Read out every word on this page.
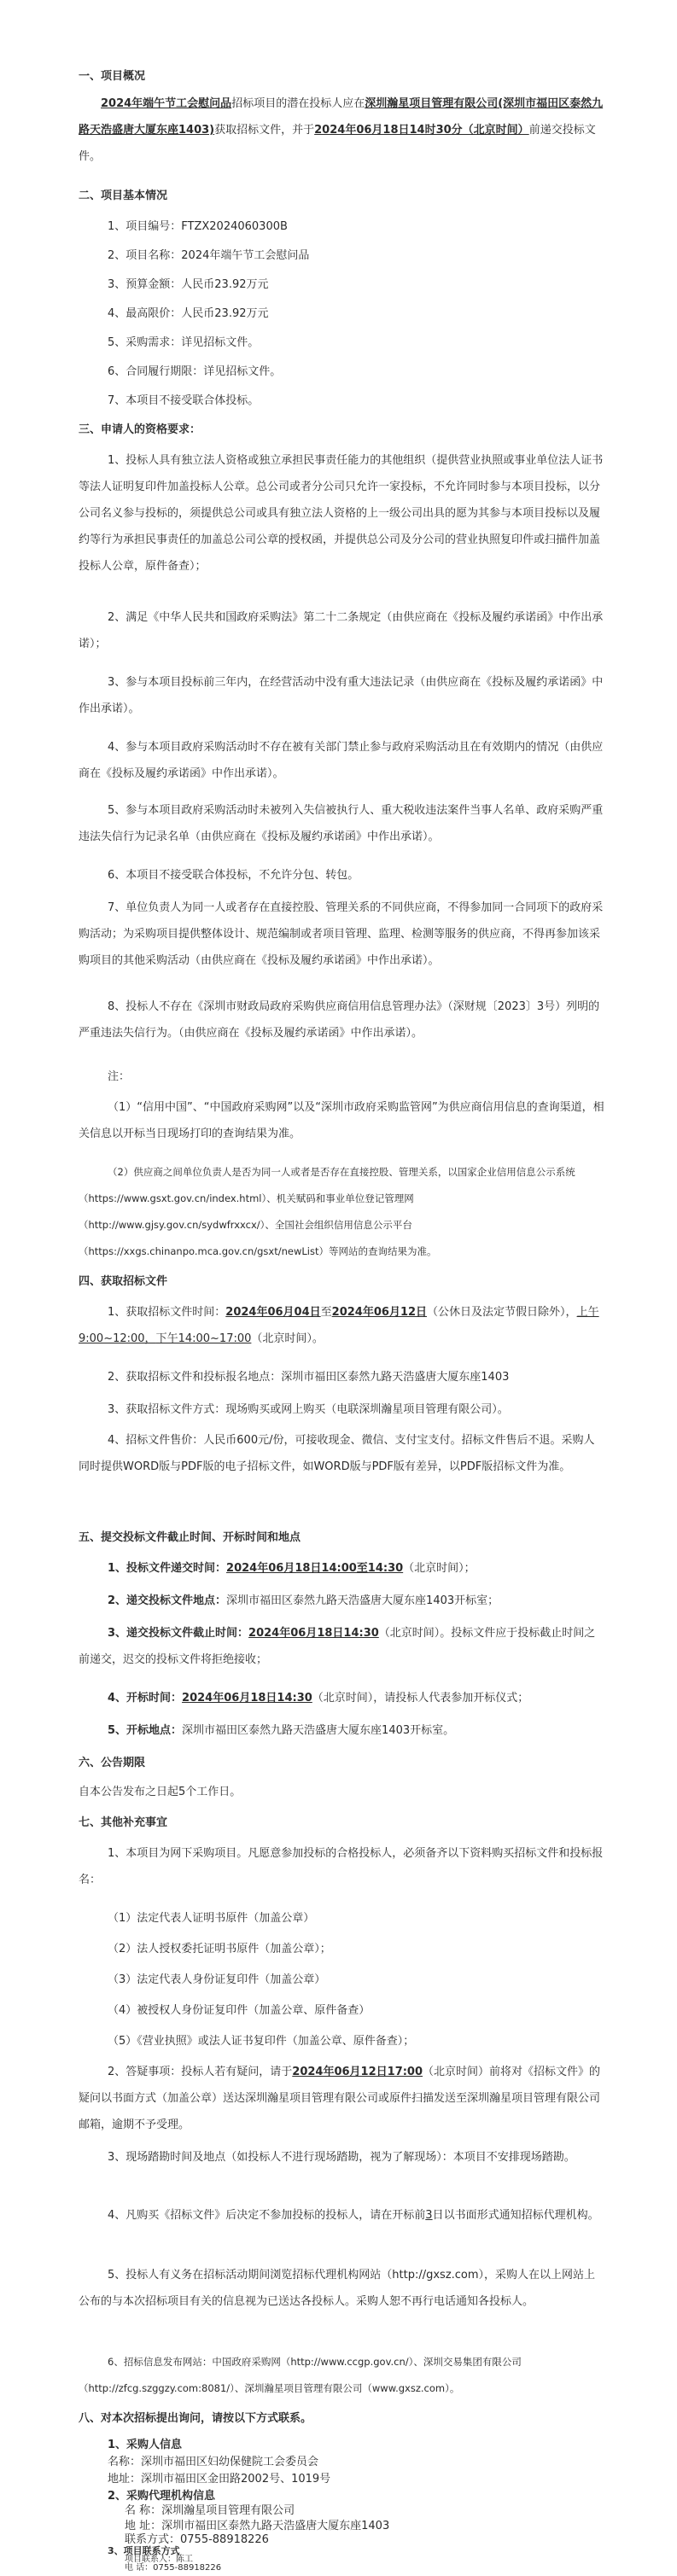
一、项目概况

2024年端午节工会慰问品招标项目的潜在投标人应在深圳瀚星项目管理有限公司(深圳市福田区泰然九路天浩盛唐大厦东座1403)获取招标文件，并于2024年06月18日14时30分（北京时间）前递交投标文件。

二、项目基本情况

1、项目编号：FTZX2024060300B

2、项目名称：2024年端午节工会慰问品

3、预算金额：人民币23.92万元

4、最高限价：人民币23.92万元

5、采购需求：详见招标文件。

6、合同履行期限：详见招标文件。

7、本项目不接受联合体投标。

三、申请人的资格要求：

1、投标人具有独立法人资格或独立承担民事责任能力的其他组织（提供营业执照或事业单位法人证书等法人证明复印件加盖投标人公章。总公司或者分公司只允许一家投标，不允许同时参与本项目投标，以分公司名义参与投标的，须提供总公司或具有独立法人资格的上一级公司出具的愿为其参与本项目投标以及履约等行为承担民事责任的加盖总公司公章的授权函，并提供总公司及分公司的营业执照复印件或扫描件加盖投标人公章，原件备查）；

2、满足《中华人民共和国政府采购法》第二十二条规定（由供应商在《投标及履约承诺函》中作出承诺）；

3、参与本项目投标前三年内，在经营活动中没有重大违法记录（由供应商在《投标及履约承诺函》中作出承诺）。

4、参与本项目政府采购活动时不存在被有关部门禁止参与政府采购活动且在有效期内的情况（由供应商在《投标及履约承诺函》中作出承诺）。

5、参与本项目政府采购活动时未被列入失信被执行人、重大税收违法案件当事人名单、政府采购严重违法失信行为记录名单（由供应商在《投标及履约承诺函》中作出承诺）。

6、本项目不接受联合体投标，不允许分包、转包。

7、单位负责人为同一人或者存在直接控股、管理关系的不同供应商，不得参加同一合同项下的政府采购活动；为采购项目提供整体设计、规范编制或者项目管理、监理、检测等服务的供应商，不得再参加该采购项目的其他采购活动（由供应商在《投标及履约承诺函》中作出承诺）。

8、投标人不存在《深圳市财政局政府采购供应商信用信息管理办法》（深财规〔2023〕3号）列明的严重违法失信行为。（由供应商在《投标及履约承诺函》中作出承诺）。

注：

（1）“信用中国”、“中国政府采购网”以及“深圳市政府采购监管网”为供应商信用信息的查询渠道，相关信息以开标当日现场打印的查询结果为准。

（2）供应商之间单位负责人是否为同一人或者是否存在直接控股、管理关系，以国家企业信用信息公示系统（https://www.gsxt.gov.cn/index.html）、机关赋码和事业单位登记管理网（http://www.gjsy.gov.cn/sydwfrxxcx/）、全国社会组织信用信息公示平台（https://xxgs.chinanpo.mca.gov.cn/gsxt/newList）等网站的查询结果为准。

四、获取招标文件

1、获取招标文件时间：2024年06月04日至2024年06月12日（公休日及法定节假日除外），上午9:00~12:00，下午14:00~17:00（北京时间）。

2、获取招标文件和投标报名地点：深圳市福田区泰然九路天浩盛唐大厦东座1403

3、获取招标文件方式：现场购买或网上购买（电联深圳瀚星项目管理有限公司）。

4、招标文件售价：人民币600元/份，可接收现金、微信、支付宝支付。招标文件售后不退。采购人同时提供WORD版与PDF版的电子招标文件，如WORD版与PDF版有差异，以PDF版招标文件为准。

五、提交投标文件截止时间、开标时间和地点

1、投标文件递交时间：2024年06月18日14:00至14:30（北京时间）；

2、递交投标文件地点：深圳市福田区泰然九路天浩盛唐大厦东座1403开标室；

3、递交投标文件截止时间：2024年06月18日14:30（北京时间）。投标文件应于投标截止时间之前递交，迟交的投标文件将拒绝接收；

4、开标时间：2024年06月18日14:30（北京时间），请投标人代表参加开标仪式；

5、开标地点：深圳市福田区泰然九路天浩盛唐大厦东座1403开标室。

六、公告期限

自本公告发布之日起5个工作日。

七、其他补充事宜

1、本项目为网下采购项目。凡愿意参加投标的合格投标人，必须备齐以下资料购买招标文件和投标报名：

（1）法定代表人证明书原件（加盖公章）

（2）法人授权委托证明书原件（加盖公章）；

（3）法定代表人身份证复印件（加盖公章）

（4）被授权人身份证复印件（加盖公章、原件备查）

（5）《营业执照》或法人证书复印件（加盖公章、原件备查）；

2、答疑事项：投标人若有疑问，请于2024年06月12日17:00（北京时间）前将对《招标文件》的疑问以书面方式（加盖公章）送达深圳瀚星项目管理有限公司或原件扫描发送至深圳瀚星项目管理有限公司邮箱，逾期不予受理。

3、现场踏勘时间及地点（如投标人不进行现场踏勘，视为了解现场）：本项目不安排现场踏勘。

4、凡购买《招标文件》后决定不参加投标的投标人，请在开标前3日以书面形式通知招标代理机构。

5、投标人有义务在招标活动期间浏览招标代理机构网站（http://gxsz.com），采购人在以上网站上公布的与本次招标项目有关的信息视为已送达各投标人。采购人恕不再行电话通知各投标人。

6、招标信息发布网站：中国政府采购网（http://www.ccgp.gov.cn/）、深圳交易集团有限公司（http://zfcg.szggzy.com:8081/）、深圳瀚星项目管理有限公司（www.gxsz.com）。

八、对本次招标提出询问，请按以下方式联系。

1、采购人信息

名称：深圳市福田区妇幼保健院工会委员会

地址：深圳市福田区金田路2002号、1019号

2、采购代理机构信息

名 称：深圳瀚星项目管理有限公司

地 址：深圳市福田区泰然九路天浩盛唐大厦东座1403

联系方式：0755-88918226

3、项目联系方式

项目联系人：陈工

电 话：0755-88918226
